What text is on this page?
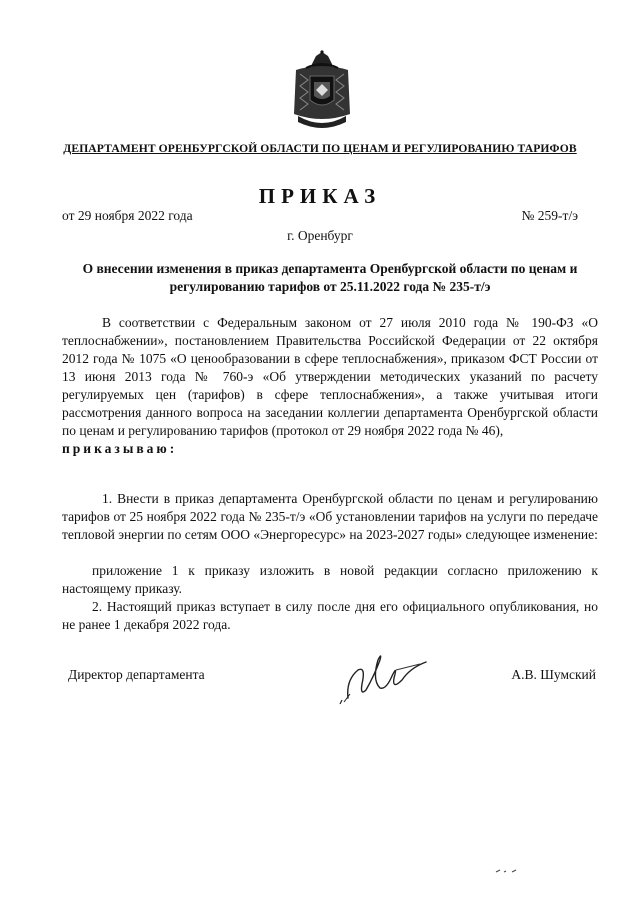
ДЕПАРТАМЕНТ ОРЕНБУРГСКОЙ ОБЛАСТИ ПО ЦЕНАМ И РЕГУЛИРОВАНИЮ ТАРИФОВ
ПРИКАЗ
от 29 ноября 2022 года	№ 259-т/э
г. Оренбург
О внесении изменения в приказ департамента Оренбургской области по ценам и регулированию тарифов от 25.11.2022 года № 235-т/э
В соответствии с Федеральным законом от 27 июля 2010 года № 190-ФЗ «О теплоснабжении», постановлением Правительства Российской Федерации от 22 октября 2012 года № 1075 «О ценообразовании в сфере теплоснабжения», приказом ФСТ России от 13 июня 2013 года № 760-э «Об утверждении методических указаний по расчету регулируемых цен (тарифов) в сфере теплоснабжения», а также учитывая итоги рассмотрения данного вопроса на заседании коллегии департамента Оренбургской области по ценам и регулированию тарифов (протокол от 29 ноября 2022 года № 46),
приказываю:
1. Внести в приказ департамента Оренбургской области по ценам и регулированию тарифов от 25 ноября 2022 года № 235-т/э «Об установлении тарифов на услуги по передаче тепловой энергии по сетям ООО «Энергоресурс» на 2023-2027 годы» следующее изменение:
приложение 1 к приказу изложить в новой редакции согласно приложению к настоящему приказу.
2. Настоящий приказ вступает в силу после дня его официального опубликования, но не ранее 1 декабря 2022 года.
Директор департамента	А.В. Шумский
